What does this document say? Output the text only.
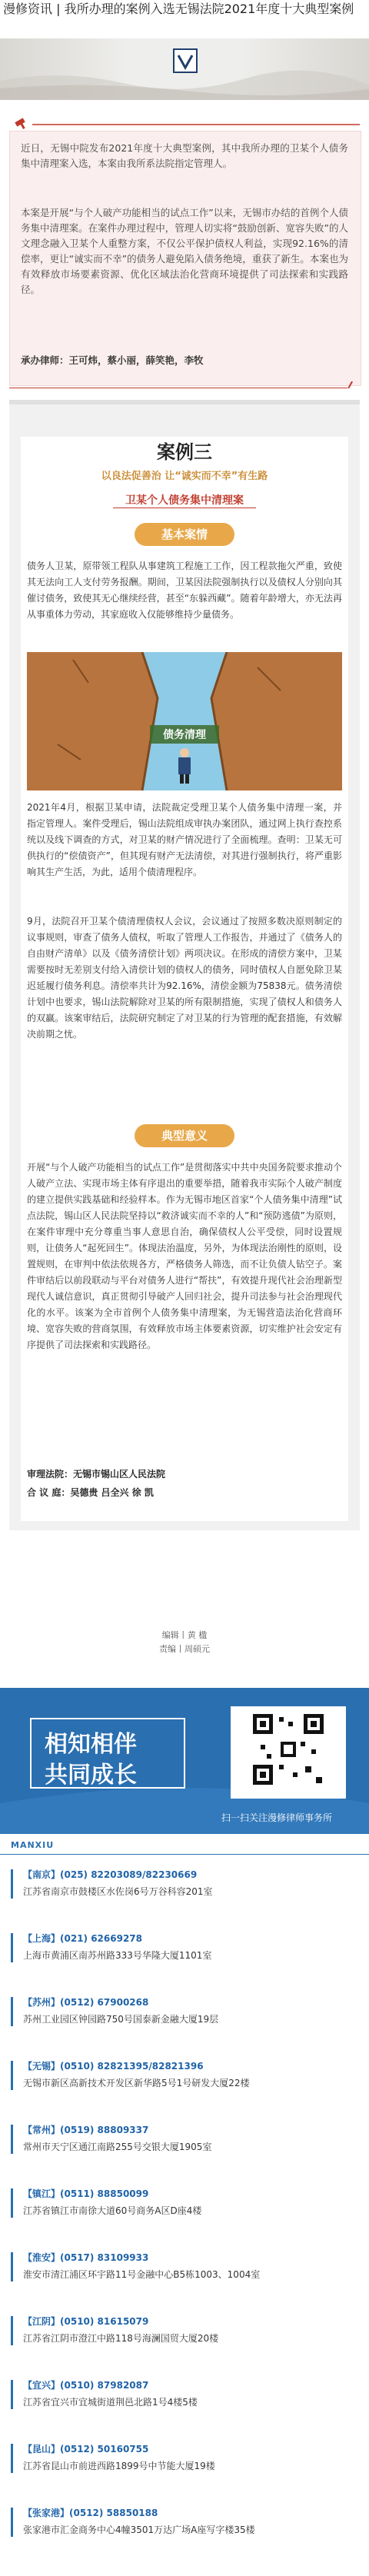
漫修资讯 | 我所办理的案例入选无锡法院2021年度十大典型案例
近日，无锡中院发布2021年度十大典型案例，其中我所办理的卫某个人债务集中清理案入选，本案由我所系法院指定管理人。
本案是开展“与个人破产功能相当的试点工作”以来，无锡市办结的首例个人债务集中清理案。在案件办理过程中，管理人切实将“鼓励创新、宽容失败”的人文理念融入卫某个人重整方案，不仅公平保护债权人利益，实现92.16%的清偿率，更让“诚实而不幸”的债务人避免陷入债务绝境，重获了新生。本案也为有效释放市场要素资源、优化区域法治化营商环境提供了司法探索和实践路径。
承办律师：王可炜，蔡小丽，薛笑艳，李牧
案例三
以良法促善治 让“诚实而不幸”有生路
卫某个人债务集中清理案
基本案情
债务人卫某，原带领工程队从事建筑工程施工工作，因工程款拖欠严重，致使其无法向工人支付劳务报酬。期间，卫某因法院强制执行以及债权人分别向其催讨债务，致使其无心继续经营，甚至“东躲西藏”。随着年龄增大，亦无法再从事重体力劳动，其家庭收入仅能够维持少量债务。
债务清理
2021年4月，根据卫某申请，法院裁定受理卫某个人债务集中清理一案，并指定管理人。案件受理后，锡山法院组成审执办案团队，通过网上执行查控系统以及线下调查的方式，对卫某的财产情况进行了全面梳理。查明：卫某无可供执行的“偿债资产”，但其现有财产无法清偿，对其进行强制执行，将严重影响其生产生活，为此，适用个债清理程序。
9月，法院召开卫某个债清理债权人会议，会议通过了按照多数决原则制定的议事规则，审查了债务人债权，听取了管理人工作报告，并通过了《债务人的自由财产清单》以及《债务清偿计划》两项决议。在形成的清偿方案中，卫某需要按时无差别支付给入清偿计划的债权人的债务，同时债权人自愿免除卫某迟延履行债务利息。清偿率共计为92.16%，清偿金额为75838元。债务清偿计划中也要求，锡山法院解除对卫某的所有限制措施，实现了债权人和债务人的双赢。该案审结后，法院研究制定了对卫某的行为管理的配套措施，有效解决前期之忧。
典型意义
开展“与个人破产功能相当的试点工作”是贯彻落实中共中央国务院要求推动个人破产立法、实现市场主体有序退出的重要举措，随着我市实际个人破产制度的建立提供实践基础和经验样本。作为无锡市地区首家“个人债务集中清理”试点法院，锡山区人民法院坚持以“救济诚实而不幸的人”和“预防逃债”为原则，在案件审理中充分尊重当事人意思自治，确保债权人公平受偿，同时设置规则，让债务人“起死回生”。体现法治温度，另外，为体现法治刚性的原则，设置规则，在审判中依法依规各方，严格债务人筛选，而不让负债人钻空子。案件审结后以前段联动与平台对债务人进行“帮扶”，有效提升现代社会治理新型现代人诚信意识，真正贯彻引导破产人回归社会，提升司法参与社会治理现代化的水平。该案为全市首例个人债务集中清理案，为无锡营造法治化营商环境、宽容失败的营商氛围，有效释放市场主体要素资源，切实维护社会安定有序提供了司法探索和实践路径。
审理法院：无锡市锡山区人民法院
合 议 庭：吴德贵 吕全兴 徐 凯
编辑丨黄 楹
责编丨周硕元
相知相伴
共同成长
扫一扫关注漫修律师事务所
MANXIU
【南京】(025) 82203089/82230669
江苏省南京市鼓楼区水佐岗6号万谷科容201室
【上海】(021) 62669278
上海市黄浦区南苏州路333号华隆大厦1101室
【苏州】(0512) 67900268
苏州工业园区钟园路750号国泰新金融大厦19层
【无锡】(0510) 82821395/82821396
无锡市新区高新技术开发区新华路5号1号研发大厦22楼
【常州】(0519) 88809337
常州市天宁区通江南路255号交银大厦1905室
【镇江】(0511) 88850099
江苏省镇江市南徐大道60号商务A区D座4楼
【淮安】(0517) 83109933
淮安市清江浦区环宇路11号金融中心B5栋1003、1004室
【江阴】(0510) 81615079
江苏省江阴市澄江中路118号海澜国贸大厦20楼
【宜兴】(0510) 87982087
江苏省宜兴市宜城街道荆邑北路1号4楼5楼
【昆山】(0512) 50160755
江苏省昆山市前进西路1899号中节能大厦19楼
【张家港】(0512) 58850188
张家港市汇金商务中心4幢3501万达广场A座写字楼35楼
